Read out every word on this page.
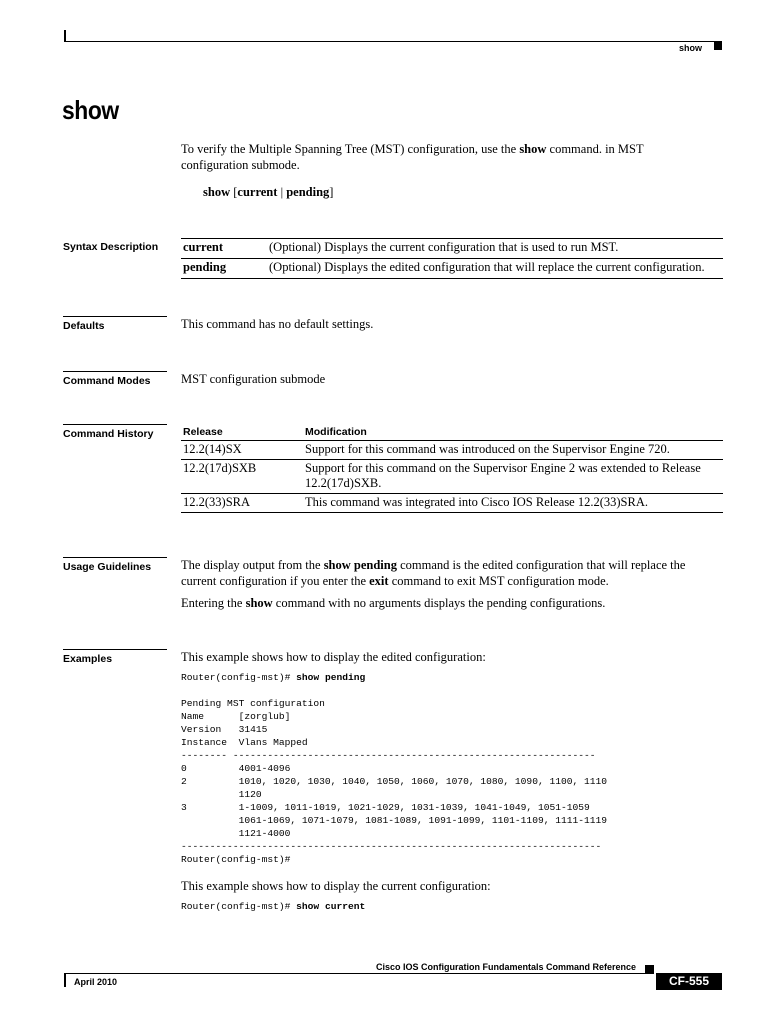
show
show
To verify the Multiple Spanning Tree (MST) configuration, use the show command. in MST configuration submode.
show [current | pending]
Syntax Description	current	(Optional) Displays the current configuration that is used to run MST.
pending	(Optional) Displays the edited configuration that will replace the current configuration.
Defaults	This command has no default settings.
Command Modes	MST configuration submode
Command History	Release	Modification
12.2(14)SX	Support for this command was introduced on the Supervisor Engine 720.
12.2(17d)SXB	Support for this command on the Supervisor Engine 2 was extended to Release 12.2(17d)SXB.
12.2(33)SRA	This command was integrated into Cisco IOS Release 12.2(33)SRA.
Usage Guidelines	The display output from the show pending command is the edited configuration that will replace the current configuration if you enter the exit command to exit MST configuration mode.
Entering the show command with no arguments displays the pending configurations.
Examples	This example shows how to display the edited configuration:
Router(config-mst)# show pending
Pending MST configuration
Name      [zorglub]
Version   31415
Instance  Vlans Mapped
-------- ---------------------------------------------------------------
0         4001-4096
2         1010, 1020, 1030, 1040, 1050, 1060, 1070, 1080, 1090, 1100, 1110
1120
3         1-1009, 1011-1019, 1021-1029, 1031-1039, 1041-1049, 1051-1059
1061-1069, 1071-1079, 1081-1089, 1091-1099, 1101-1109, 1111-1119
1121-4000
-------------------------------------------------------------------------
Router(config-mst)#
This example shows how to display the current configuration:
Router(config-mst)# show current
Cisco IOS Configuration Fundamentals Command Reference
April 2010	CF-555
